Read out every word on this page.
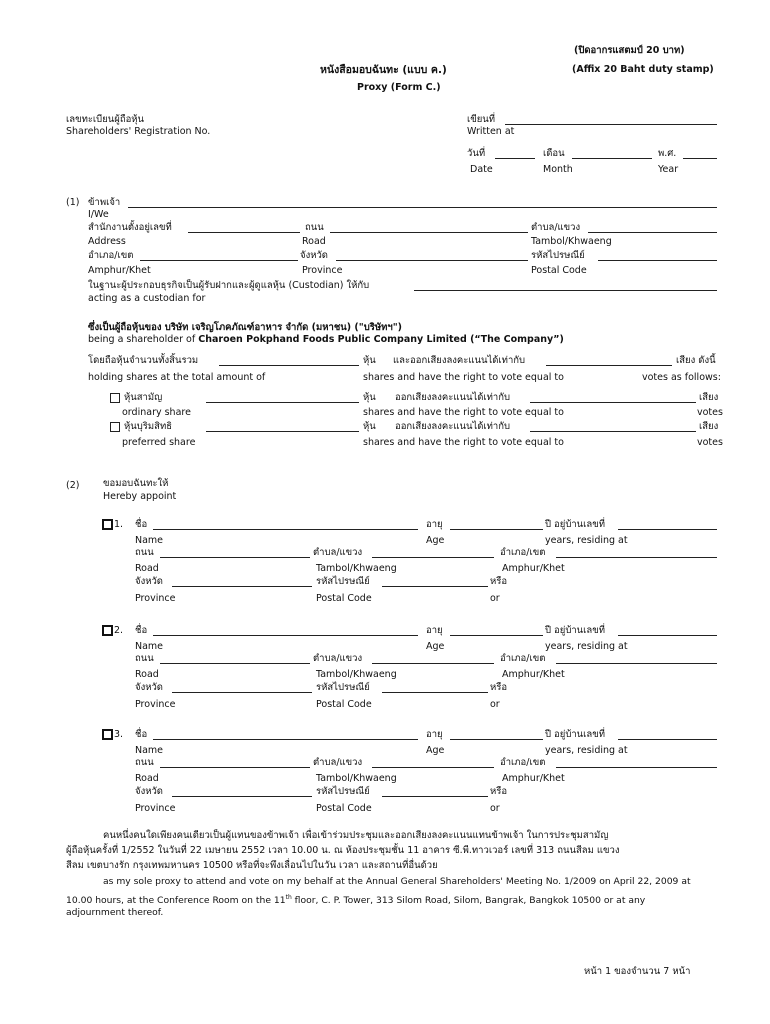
(ปิดอากรแสตมป์ 20 บาท)
หนังสือมอบฉันทะ (แบบ ค.)	(Affix 20 Baht duty stamp)
Proxy (Form C.)
เลขทะเบียนผู้ถือหุ้น
Shareholders' Registration No.
เขียนที่
Written at
วันที่	เดือน	พ.ศ.
Date	Month	Year
(1) ข้าพเจ้า
I/We
สำนักงานตั้งอยู่เลขที่	ถนน	ตำบล/แขวง
Address	Road	Tambol/Khwaeng
อำเภอ/เขต	จังหวัด	รหัสไปรษณีย์
Amphur/Khet	Province	Postal Code
ในฐานะผู้ประกอบธุรกิจเป็นผู้รับฝากและผู้ดูแลหุ้น (Custodian) ให้กับ
acting as a custodian for
ซึ่งเป็นผู้ถือหุ้นของ บริษัท เจริญโภคภัณฑ์อาหาร จำกัด (มหาชน) ("บริษัทฯ")
being a shareholder of Charoen Pokphand Foods Public Company Limited (“The Company”)
โดยถือหุ้นจำนวนทั้งสิ้นรวม	หุ้น และออกเสียงลงคะแนนได้เท่ากับ	เสียง ดังนี้
holding shares at the total amount of	shares and have the right to vote equal to	votes as follows:
หุ้นสามัญ	หุ้น ออกเสียงลงคะแนนได้เท่ากับ	เสียง
ordinary share	shares and have the right to vote equal to	votes
หุ้นบุริมสิทธิ	หุ้น ออกเสียงลงคะแนนได้เท่ากับ	เสียง
preferred share	shares and have the right to vote equal to	votes
(2) ขอมอบฉันทะให้
Hereby appoint
1. ชื่อ	อายุ	ปี อยู่บ้านเลขที่
Name	Age	years, residing at
ถนน	ตำบล/แขวง	อำเภอ/เขต
Road	Tambol/Khwaeng	Amphur/Khet
จังหวัด	รหัสไปรษณีย์	หรือ
Province	Postal Code	or
2. ชื่อ	อายุ	ปี อยู่บ้านเลขที่
Name	Age	years, residing at
ถนน	ตำบล/แขวง	อำเภอ/เขต
Road	Tambol/Khwaeng	Amphur/Khet
จังหวัด	รหัสไปรษณีย์	หรือ
Province	Postal Code	or
3. ชื่อ	อายุ	ปี อยู่บ้านเลขที่
Name	Age	years, residing at
ถนน	ตำบล/แขวง	อำเภอ/เขต
Road	Tambol/Khwaeng	Amphur/Khet
จังหวัด	รหัสไปรษณีย์	หรือ
Province	Postal Code	or
คนหนึ่งคนใดเพียงคนเดียวเป็นผู้แทนของข้าพเจ้า เพื่อเข้าร่วมประชุมและออกเสียงลงคะแนนแทนข้าพเจ้า ในการประชุมสามัญ
ผู้ถือหุ้นครั้งที่ 1/2552 ในวันที่ 22 เมษายน 2552 เวลา 10.00 น. ณ ห้องประชุมชั้น 11 อาคาร ซี.พี.ทาวเวอร์ เลขที่ 313 ถนนสีลม แขวง
สีลม เขตบางรัก กรุงเทพมหานคร 10500 หรือที่จะพึงเลื่อนไปในวัน เวลา และสถานที่อื่นด้วย
as my sole proxy to attend and vote on my behalf at the Annual General Shareholders' Meeting No. 1/2009 on April 22, 2009 at
10.00 hours, at the Conference Room on the 11th floor, C. P. Tower, 313 Silom Road, Silom, Bangrak, Bangkok 10500 or at any
adjournment thereof.
หน้า 1 ของจำนวน 7 หน้า
